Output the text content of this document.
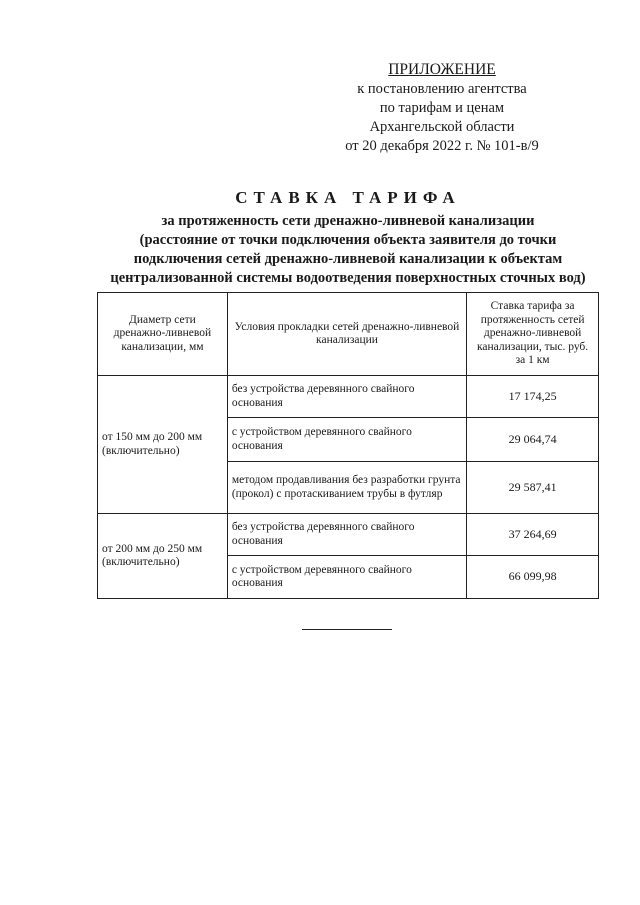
ПРИЛОЖЕНИЕ
к постановлению агентства
по тарифам и ценам
Архангельской области
от 20 декабря 2022 г. № 101-в/9
СТАВКА ТАРИФА
за протяженность сети дренажно-ливневой канализации
(расстояние от точки подключения объекта заявителя до точки
подключения сетей дренажно-ливневой канализации к объектам
централизованной системы водоотведения поверхностных сточных вод)
Диаметр сети дренажно-ливневой канализации, мм	Условия прокладки сетей дренажно-ливневой канализации	Ставка тарифа за протяженность сетей дренажно-ливневой канализации, тыс. руб. за 1 км
от 150 мм до 200 мм (включительно)	без устройства деревянного свайного основания	17 174,25
	с устройством деревянного свайного основания	29 064,74
	методом продавливания без разработки грунта (прокол) с протаскиванием трубы в футляр	29 587,41
от 200 мм до 250 мм (включительно)	без устройства деревянного свайного основания	37 264,69
	с устройством деревянного свайного основания	66 099,98
